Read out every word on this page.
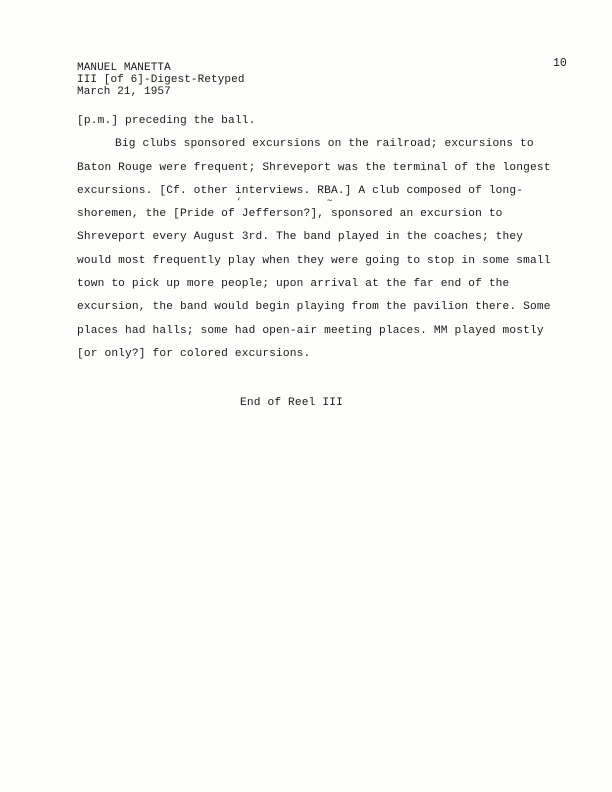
MANUEL MANETTA
III [of 6]-Digest-Retyped
March 21, 1957
10
[p.m.] preceding the ball.
Big clubs sponsored excursions on the railroad; excursions to
Baton Rouge were frequent; Shreveport was the terminal of the longest
excursions. [Cf. other interviews. RBA.] A club composed of long-
shoremen, the [Pride of Jefferson?], sponsored an excursion to
Shreveport every August 3rd. The band played in the coaches; they
would most frequently play when they were going to stop in some small
town to pick up more people; upon arrival at the far end of the
excursion, the band would begin playing from the pavilion there. Some
places had halls; some had open-air meeting places. MM played mostly
[or only?] for colored excursions.
‘	∼
End of Reel III
